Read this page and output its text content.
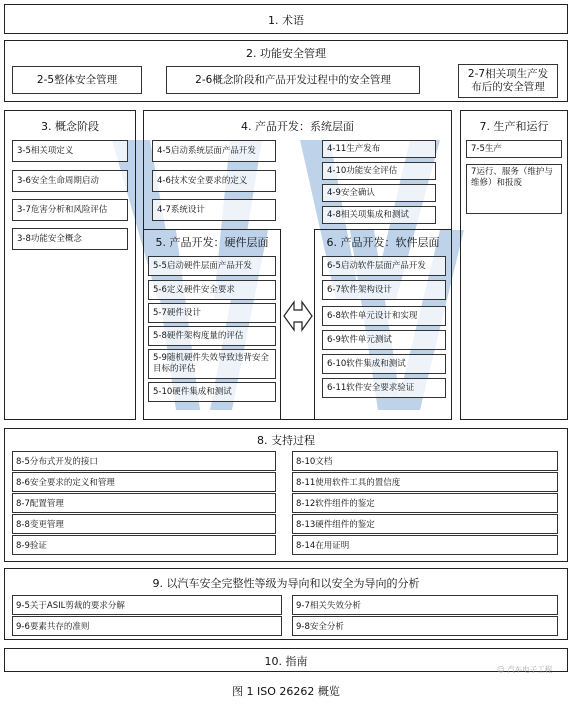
1. 术语
2. 功能安全管理
2-5整体安全管理	2-6概念阶段和产品开发过程中的安全管理	2-7相关项生产发布后的安全管理
3. 概念阶段
3-5相关项定义
3-6安全生命周期启动
3-7危害分析和风险评估
3-8功能安全概念
4. 产品开发：系统层面
4-5启动系统层面产品开发
4-6技术安全要求的定义
4-7系统设计
4-11生产发布
4-10功能安全评估
4-9安全确认
4-8相关项集成和测试
5. 产品开发：硬件层面
5-5启动硬件层面产品开发
5-6定义硬件安全要求
5-7硬件设计
5-8硬件架构度量的评估
5-9随机硬件失效导致违背安全目标的评估
5-10硬件集成和测试
6. 产品开发：软件层面
6-5启动软件层面产品开发
6-7软件架构设计
6-8软件单元设计和实现
6-9软件单元测试
6-10软件集成和测试
6-11软件安全要求验证
7. 生产和运行
7-5生产
7运行、服务（维护与维修）和报废
8. 支持过程
8-5分布式开发的接口
8-6安全要求的定义和管理
8-7配置管理
8-8变更管理
8-9验证
8-10文档
8-11使用软件工具的置信度
8-12软件组件的鉴定
8-13硬件组件的鉴定
8-14在用证明
9. 以汽车安全完整性等级为导向和以安全为导向的分析
9-5关于ASIL剪裁的要求分解
9-6要素共存的准则
9-7相关失效分析
9-8安全分析
10. 指南
☺ 汽车电子工程
图 1 ISO 26262 概览
